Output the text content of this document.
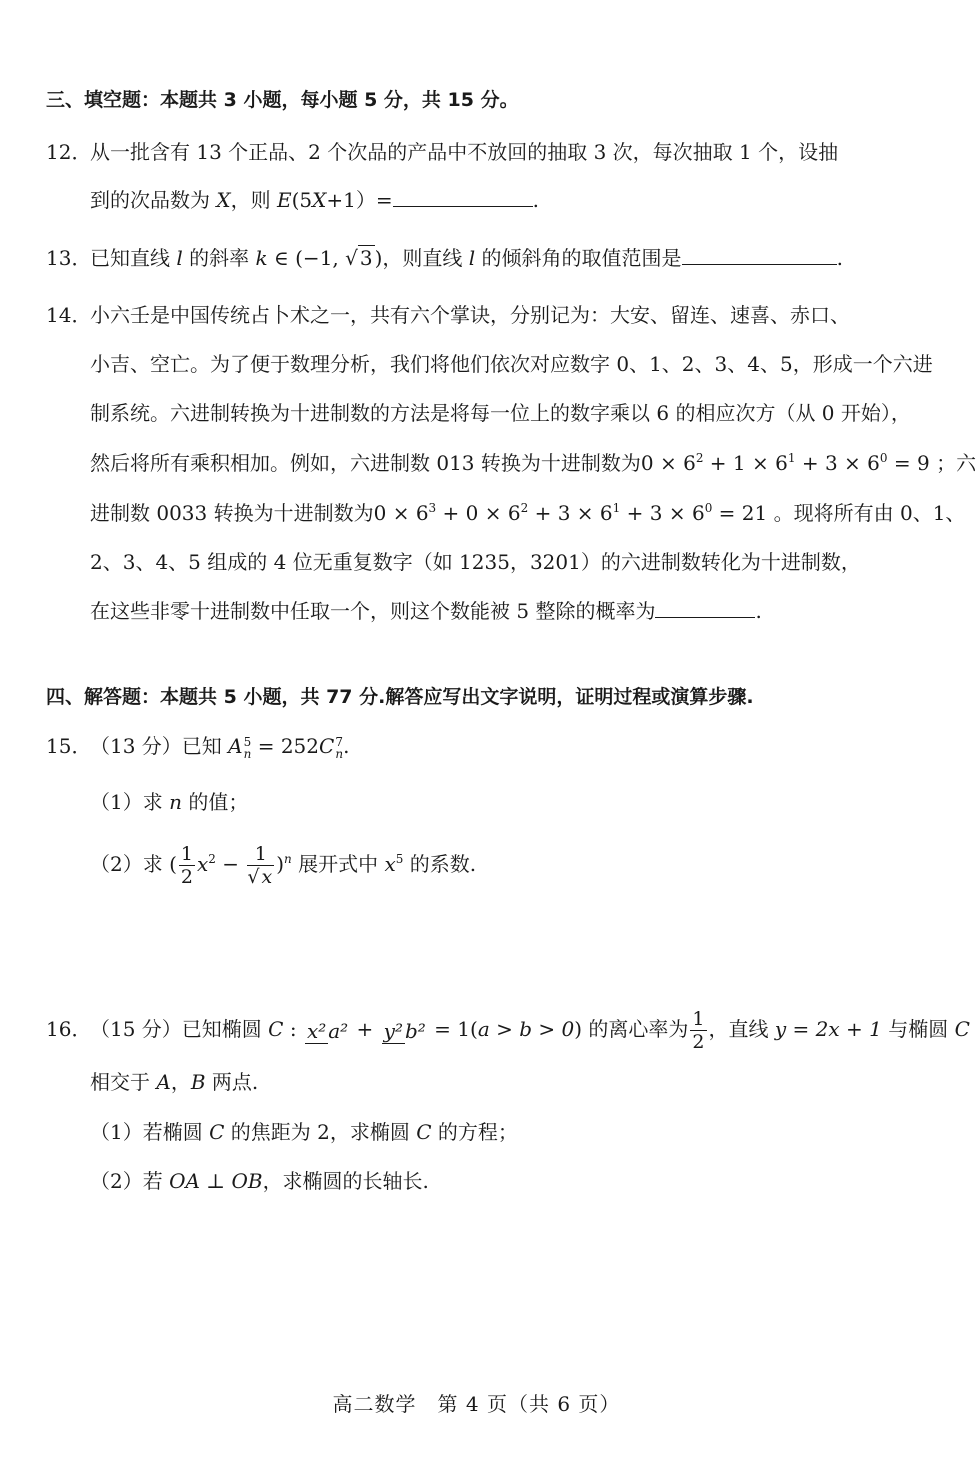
三、填空题：本题共 3 小题，每小题 5 分，共 15 分。
12．从一批含有 13 个正品、2 个次品的产品中不放回的抽取 3 次，每次抽取 1 个，设抽
到的次品数为 X，则 E(5X+1）=	.
13．已知直线 l 的斜率 k ∈ (−1, √ 3 )，则直线 l 的倾斜角的取值范围是	.
14．小六壬是中国传统占卜术之一，共有六个掌诀，分别记为：大安、留连、速喜、赤口、
小吉、空亡。为了便于数理分析，我们将他们依次对应数字 0、1、2、3、4、5，形成一个六进
制系统。六进制转换为十进制数的方法是将每一位上的数字乘以 6 的相应次方（从 0 开始），
然后将所有乘积相加。例如，六进制数 013 转换为十进制数为$0 \times 6^2 + 1 \times 6^1 + 3 \times 6^0 = 9$ ；六
进制数 0033 转换为十进制数为$0 \times 6^3 + 0 \times 6^2 + 3 \times 6^1 + 3 \times 6^0 = 21$ 。现将所有由 0、1、
2、3、4、5 组成的 4 位无重复数字（如 1235，3201）的六进制数转化为十进制数，
在这些非零十进制数中任取一个，则这个数能被 5 整除的概率为	.
四、解答题：本题共 5 小题，共 77 分.解答应写出文字说明，证明过程或演算步骤.
15．（13 分）已知 A 5
n = 252C 7
n.
（1）求 n 的值；
（2）求 ( $\frac{1}{2} x^2 - \frac{1}{√ x} )^n$ 展开式中 $x^5$ 的系数.
16．（15 分）已知椭圆 C : x² a² + y² b² = 1(a > b > 0) 的离心率为 $\frac{1}{2}$ ，直线 y = 2x + 1 与椭圆 C
相交于 A，B 两点.
（1）若椭圆 C 的焦距为 2，求椭圆 C 的方程；
（2）若 OA ⊥ OB，求椭圆的长轴长.
高二数学　第 4 页（共 6 页）
